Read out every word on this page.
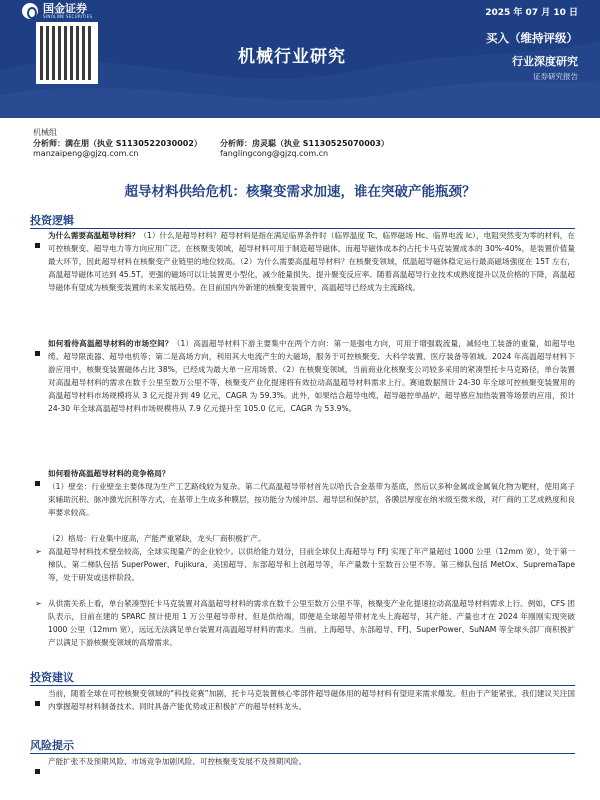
国金证券
SINOLINK SECURITIES	2025 年 07 月 10 日
机械行业研究
买入（维持评级）
行业深度研究
证券研究报告
机械组
分析师：满在朋（执业 S1130522030002）	分析师：房灵聪（执业 S1130525070003）
manzaipeng@gjzq.com.cn	fanglingcong@gjzq.com.cn
超导材料供给危机：核聚变需求加速，谁在突破产能瓶颈？
投资逻辑
为什么需要高温超导材料？（1）什么是超导材料？超导材料是指在满足临界条件时（临界温度 Tc、临界磁场 Hc、临界电流 Ic），电阻突然变为零的材料，在可控核聚变、超导电力等方向应用广泛。在核聚变领域，超导材料可用于制造超导磁体，而超导磁体成本约占托卡马克装置成本的 30%-40%，是装置价值量最大环节，因此超导材料在核聚变产业链里的地位较高。（2）为什么需要高温超导材料？在核聚变领域，低温超导磁体稳定运行最高磁场强度在 15T 左右，高温超导磁体可达到 45.5T。更强的磁场可以让装置更小型化，减少能量损失、提升聚变反应率。随着高温超导行业技术成熟度提升以及价格的下降，高温超导磁体有望成为核聚变装置的未来发展趋势。在目前国内外新建的核聚变装置中，高温超导已经成为主流路线。
如何看待高温超导材料的市场空间？（1）高温超导材料下游主要集中在两个方向：第一是强电方向，可用于增强载流量，减轻电工装备的重量，如超导电缆、超导限流器、超导电机等；第二是高场方向，利用其大电流产生的大磁场，服务于可控核聚变、大科学装置、医疗装备等领域。2024 年高温超导材料下游应用中，核聚变装置磁体占比 38%，已经成为最大单一应用场景。（2）在核聚变领域，当前商业化核聚变公司较多采用的紧凑型托卡马克路径，单台装置对高温超导材料的需求在数千公里至数万公里不等，核聚变产业化提速将有效拉动高温超导材料需求上行。赛迪数据预计 24-30 年全球可控核聚变装置用的高温超导材料市场规模将从 3 亿元提升到 49 亿元，CAGR 为 59.3%。此外，如果结合超导电缆、超导磁控单晶炉、超导感应加热装置等场景的应用，预计 24-30 年全球高温超导材料市场规模将从 7.9 亿元提升至 105.0 亿元，CAGR 为 53.9%。
如何看待高温超导材料的竞争格局？
（1）壁垒：行业壁垒主要体现为生产工艺路线较为复杂。第二代高温超导带材首先以哈氏合金基带为基底，然后以多种金属或金属氧化物为靶材，使用离子束辅助沉积、脉冲激光沉积等方式，在基带上生成多种膜层，按功能分为缓冲层、超导层和保护层，各膜层厚度在纳米级至微米级，对厂商的工艺成熟度和良率要求较高。
（2）格局：行业集中度高，产能严重紧缺，龙头厂商积极扩产。
➢ 高温超导材料技术壁垒较高，全球实现量产的企业较少。以供给能力划分，目前全球仅上海超导与 FFJ 实现了年产量超过 1000 公里（12mm 宽），处于第一梯队。第二梯队包括 SuperPower、Fujikura、美国超导、东部超导和上创超导等，年产量数十至数百公里不等。第三梯队包括 MetOx、SupremaTape 等，处于研发或送样阶段。
➢ 从供需关系上看，单台紧凑型托卡马克装置对高温超导材料的需求在数千公里至数万公里不等，核聚变产业化提速拉动高温超导材料需求上行。例如，CFS 团队表示，目前在建的 SPARC 预计使用 1 万公里超导带材。但是供给端，即便是全球超导带材龙头上海超导，其产能、产量也才在 2024 年刚刚实现突破 1000 公里（12mm 宽），远远无法满足单台装置对高温超导材料的需求。当前，上海超导、东部超导、FFJ、SuperPower、SuNAM 等全球头部厂商积极扩产以满足下游核聚变领域的高增需求。
投资建议
当前，随着全球在可控核聚变领域的“科技竞赛”加剧，托卡马克装置核心零部件超导磁体用的超导材料有望迎来需求爆发。但由于产能紧张，我们建议关注国内掌握超导材料制备技术、同时具备产能优势或正积极扩产的超导材料龙头。
风险提示
产能扩张不及预期风险、市场竞争加剧风险、可控核聚变发展不及预期风险。
